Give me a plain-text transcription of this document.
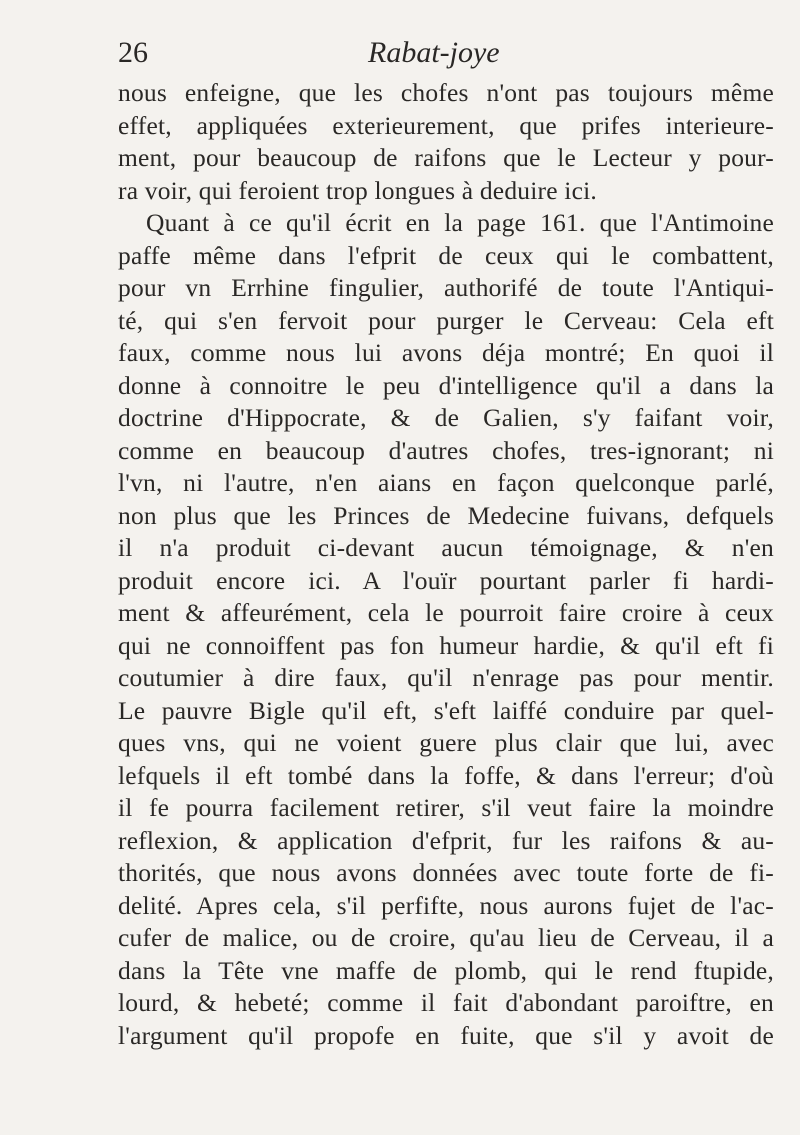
26	Rabat-joye
nous enfeigne, que les chofes n'ont pas toujours même
effet, appliquées exterieurement, que prifes interieure-
ment, pour beaucoup de raifons que le Lecteur y pour-
ra voir, qui feroient trop longues à deduire ici.
Quant à ce qu'il écrit en la page 161. que l'Antimoine
paffe même dans l'efprit de ceux qui le combattent,
pour vn Errhine fingulier, authorifé de toute l'Antiqui-
té, qui s'en fervoit pour purger le Cerveau: Cela eft
faux, comme nous lui avons déja montré; En quoi il
donne à connoitre le peu d'intelligence qu'il a dans la
doctrine d'Hippocrate, & de Galien, s'y faifant voir,
comme en beaucoup d'autres chofes, tres-ignorant; ni
l'vn, ni l'autre, n'en aians en façon quelconque parlé,
non plus que les Princes de Medecine fuivans, defquels
il n'a produit ci-devant aucun témoignage, & n'en
produit encore ici. A l'ouïr pourtant parler fi hardi-
ment & affeurément, cela le pourroit faire croire à ceux
qui ne connoiffent pas fon humeur hardie, & qu'il eft fi
coutumier à dire faux, qu'il n'enrage pas pour mentir.
Le pauvre Bigle qu'il eft, s'eft laiffé conduire par quel-
ques vns, qui ne voient guere plus clair que lui, avec
lefquels il eft tombé dans la foffe, & dans l'erreur; d'où
il fe pourra facilement retirer, s'il veut faire la moindre
reflexion, & application d'efprit, fur les raifons & au-
thorités, que nous avons données avec toute forte de fi-
delité. Apres cela, s'il perfifte, nous aurons fujet de l'ac-
cufer de malice, ou de croire, qu'au lieu de Cerveau, il a
dans la Tête vne maffe de plomb, qui le rend ftupide,
lourd, & hebeté; comme il fait d'abondant paroiftre, en
l'argument qu'il propofe en fuite, que s'il y avoit de
